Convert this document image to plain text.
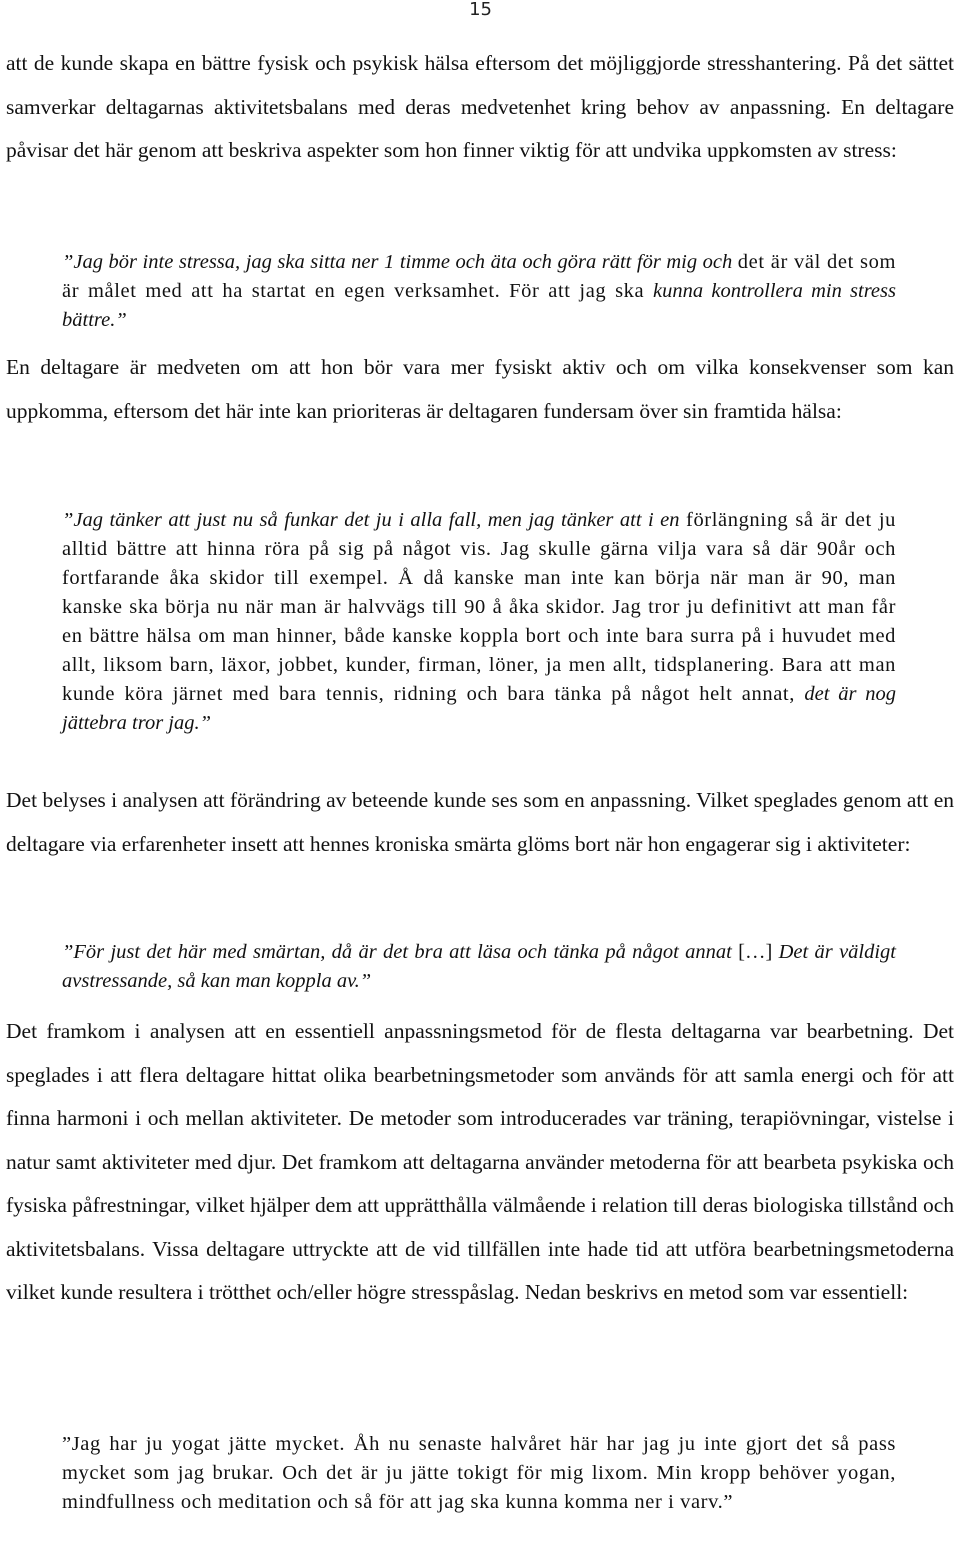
15

att de kunde skapa en bättre fysisk och psykisk hälsa eftersom det möjliggjorde stresshantering. På det sättet samverkar deltagarnas aktivitetsbalans med deras medvetenhet kring behov av anpassning. En deltagare påvisar det här genom att beskriva aspekter som hon finner viktig för att undvika uppkomsten av stress:

”Jag bör inte stressa, jag ska sitta ner 1 timme och äta och göra rätt för mig och det är väl det som är målet med att ha startat en egen verksamhet. För att jag ska kunna kontrollera min stress bättre.”

En deltagare är medveten om att hon bör vara mer fysiskt aktiv och om vilka konsekvenser som kan uppkomma, eftersom det här inte kan prioriteras är deltagaren fundersam över sin framtida hälsa:

”Jag tänker att just nu så funkar det ju i alla fall, men jag tänker att i en förlängning så är det ju alltid bättre att hinna röra på sig på något vis. Jag skulle gärna vilja vara så där 90år och fortfarande åka skidor till exempel. Å då kanske man inte kan börja när man är 90, man kanske ska börja nu när man är halvvägs till 90 å åka skidor. Jag tror ju definitivt att man får en bättre hälsa om man hinner, både kanske koppla bort och inte bara surra på i huvudet med allt, liksom barn, läxor, jobbet, kunder, firman, löner, ja men allt, tidsplanering. Bara att man kunde köra järnet med bara tennis, ridning och bara tänka på något helt annat, det är nog jättebra tror jag.”

Det belyses i analysen att förändring av beteende kunde ses som en anpassning. Vilket speglades genom att en deltagare via erfarenheter insett att hennes kroniska smärta glöms bort när hon engagerar sig i aktiviteter:

”För just det här med smärtan, då är det bra att läsa och tänka på något annat […] Det är väldigt avstressande, så kan man koppla av.”

Det framkom i analysen att en essentiell anpassningsmetod för de flesta deltagarna var bearbetning. Det speglades i att flera deltagare hittat olika bearbetningsmetoder som används för att samla energi och för att finna harmoni i och mellan aktiviteter. De metoder som introducerades var träning, terapiövningar, vistelse i natur samt aktiviteter med djur. Det framkom att deltagarna använder metoderna för att bearbeta psykiska och fysiska påfrestningar, vilket hjälper dem att upprätthålla välmående i relation till deras biologiska tillstånd och aktivitetsbalans. Vissa deltagare uttryckte att de vid tillfällen inte hade tid att utföra bearbetningsmetoderna vilket kunde resultera i trötthet och/eller högre stresspåslag. Nedan beskrivs en metod som var essentiell:

”Jag har ju yogat jätte mycket. Åh nu senaste halvåret här har jag ju inte gjort det så pass mycket som jag brukar. Och det är ju jätte tokigt för mig lixom. Min kropp behöver yogan, mindfullness och meditation och så för att jag ska kunna komma ner i varv.”
